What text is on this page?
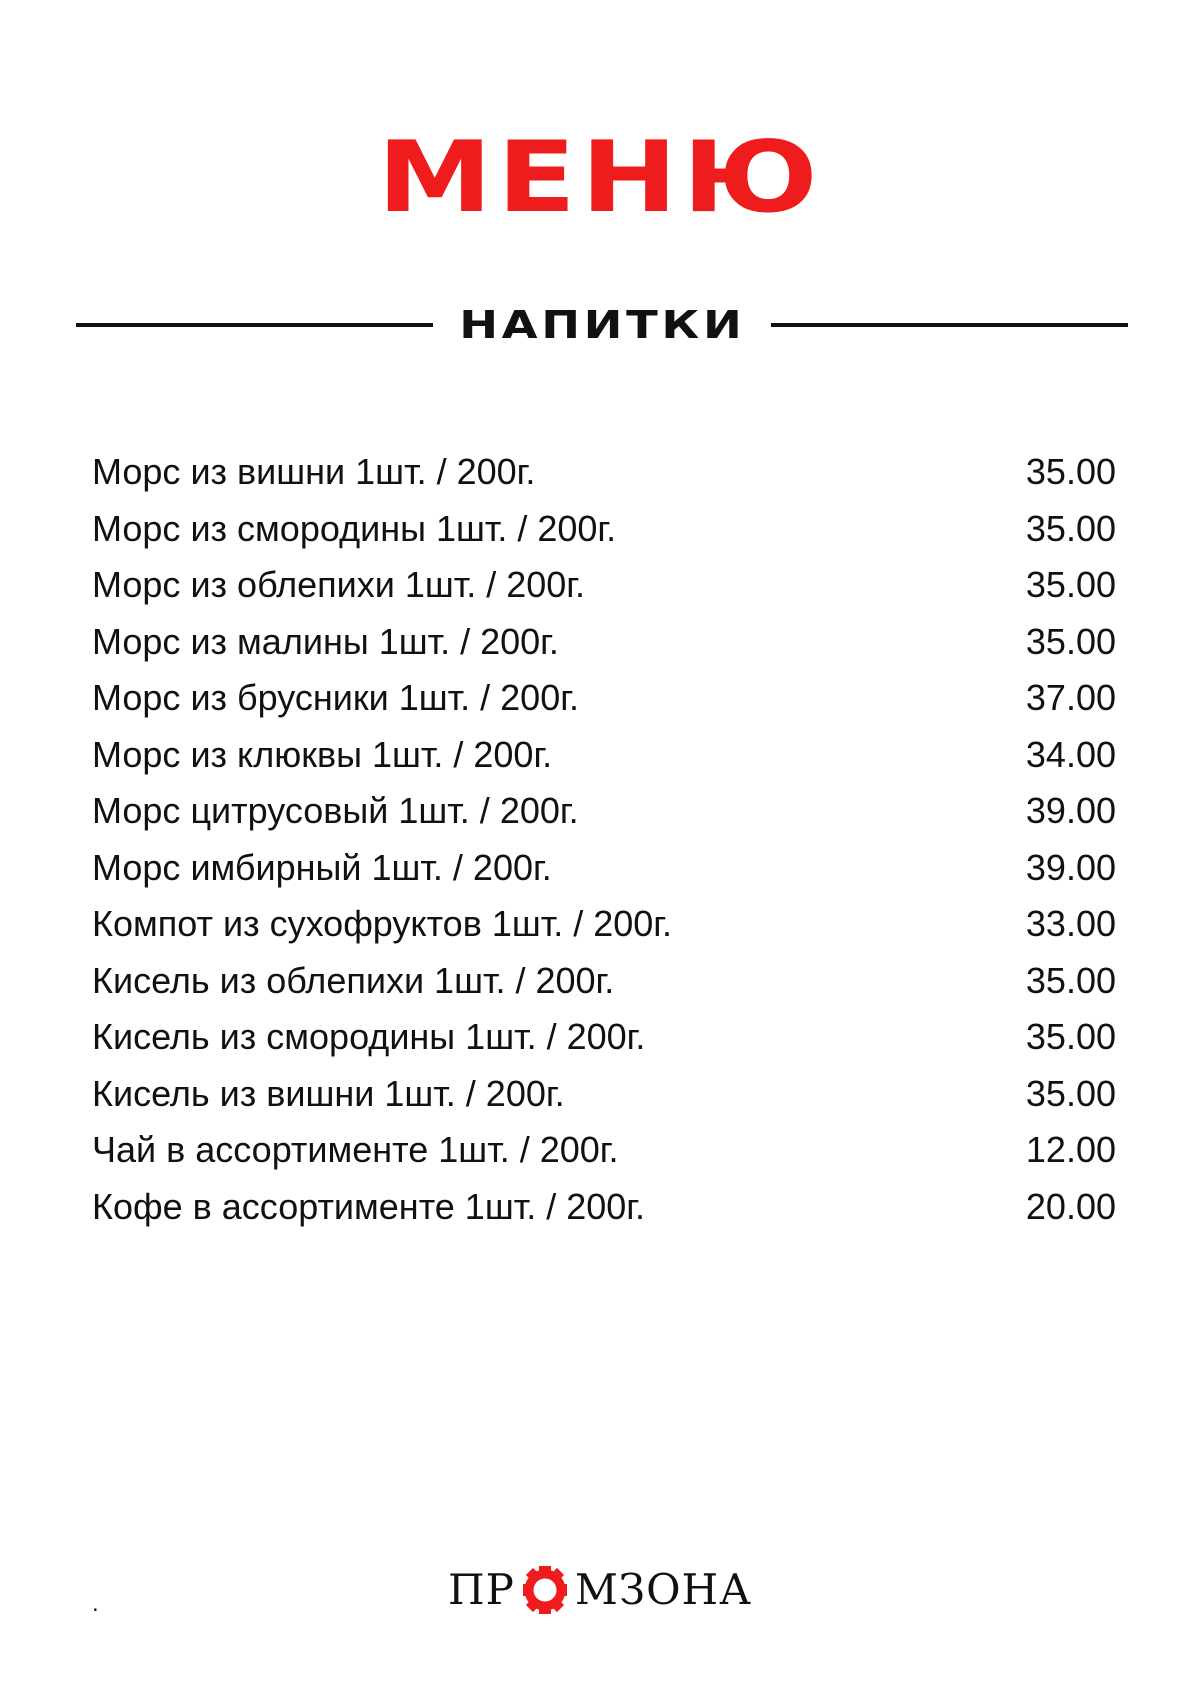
МЕНЮ
НАПИТКИ
Морс из вишни 1шт. / 200г.	35.00
Морс из смородины 1шт. / 200г.	35.00
Морс из облепихи 1шт. / 200г.	35.00
Морс из малины 1шт. / 200г.	35.00
Морс из брусники 1шт. / 200г.	37.00
Морс из клюквы 1шт. / 200г.	34.00
Морс цитрусовый 1шт. / 200г.	39.00
Морс имбирный 1шт. / 200г.	39.00
Компот из сухофруктов 1шт. / 200г.	33.00
Кисель из облепихи 1шт. / 200г.	35.00
Кисель из смородины 1шт. / 200г.	35.00
Кисель из вишни 1шт. / 200г.	35.00
Чай в ассортименте 1шт. / 200г.	12.00
Кофе в ассортименте 1шт. / 200г.	20.00
.	ПР МЗОНА
